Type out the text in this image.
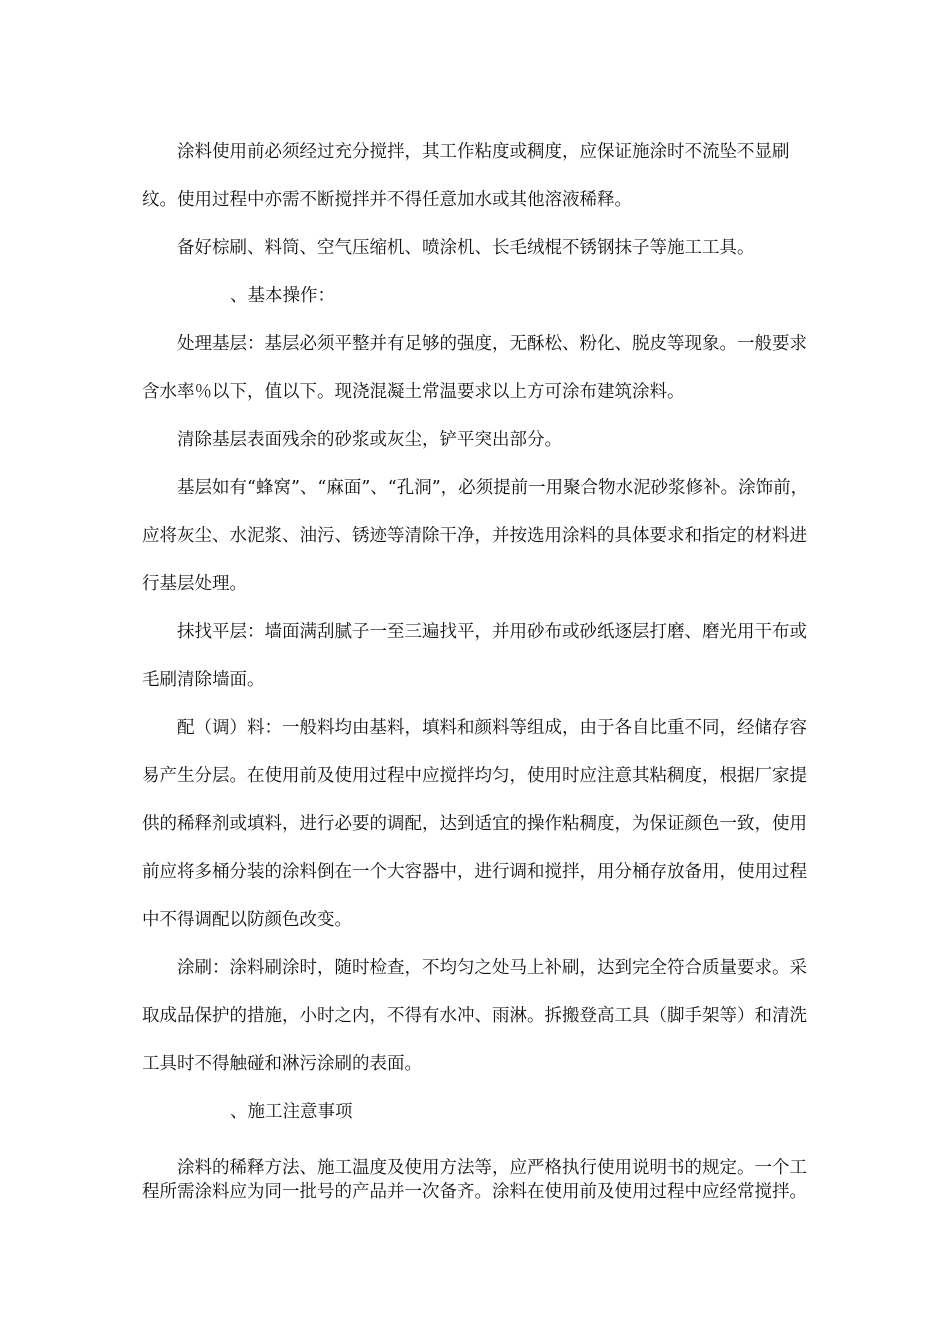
涂料使用前必须经过充分搅拌，其工作粘度或稠度，应保证施涂时不流坠不显刷纹。使用过程中亦需不断搅拌并不得任意加水或其他溶液稀释。

备好棕刷、料筒、空气压缩机、喷涂机、长毛绒棍不锈钢抹子等施工工具。

、基本操作：

处理基层：基层必须平整并有足够的强度，无酥松、粉化、脱皮等现象。一般要求含水率％以下，值以下。现浇混凝土常温要求以上方可涂布建筑涂料。

清除基层表面残余的砂浆或灰尘，铲平突出部分。

基层如有“蜂窝”、“麻面”、“孔洞”，必须提前一用聚合物水泥砂浆修补。涂饰前，应将灰尘、水泥浆、油污、锈迹等清除干净，并按选用涂料的具体要求和指定的材料进行基层处理。

抹找平层：墙面满刮腻子一至三遍找平，并用砂布或砂纸逐层打磨、磨光用干布或毛刷清除墙面。

配（调）料：一般料均由基料，填料和颜料等组成，由于各自比重不同，经储存容易产生分层。在使用前及使用过程中应搅拌均匀，使用时应注意其粘稠度，根据厂家提供的稀释剂或填料，进行必要的调配，达到适宜的操作粘稠度，为保证颜色一致，使用前应将多桶分装的涂料倒在一个大容器中，进行调和搅拌，用分桶存放备用，使用过程中不得调配以防颜色改变。

涂刷：涂料刷涂时，随时检查，不均匀之处马上补刷，达到完全符合质量要求。采取成品保护的措施，小时之内，不得有水冲、雨淋。拆搬登高工具（脚手架等）和清洗工具时不得触碰和淋污涂刷的表面。

、施工注意事项

涂料的稀释方法、施工温度及使用方法等，应严格执行使用说明书的规定。一个工程所需涂料应为同一批号的产品并一次备齐。涂料在使用前及使用过程中应经常搅拌。
